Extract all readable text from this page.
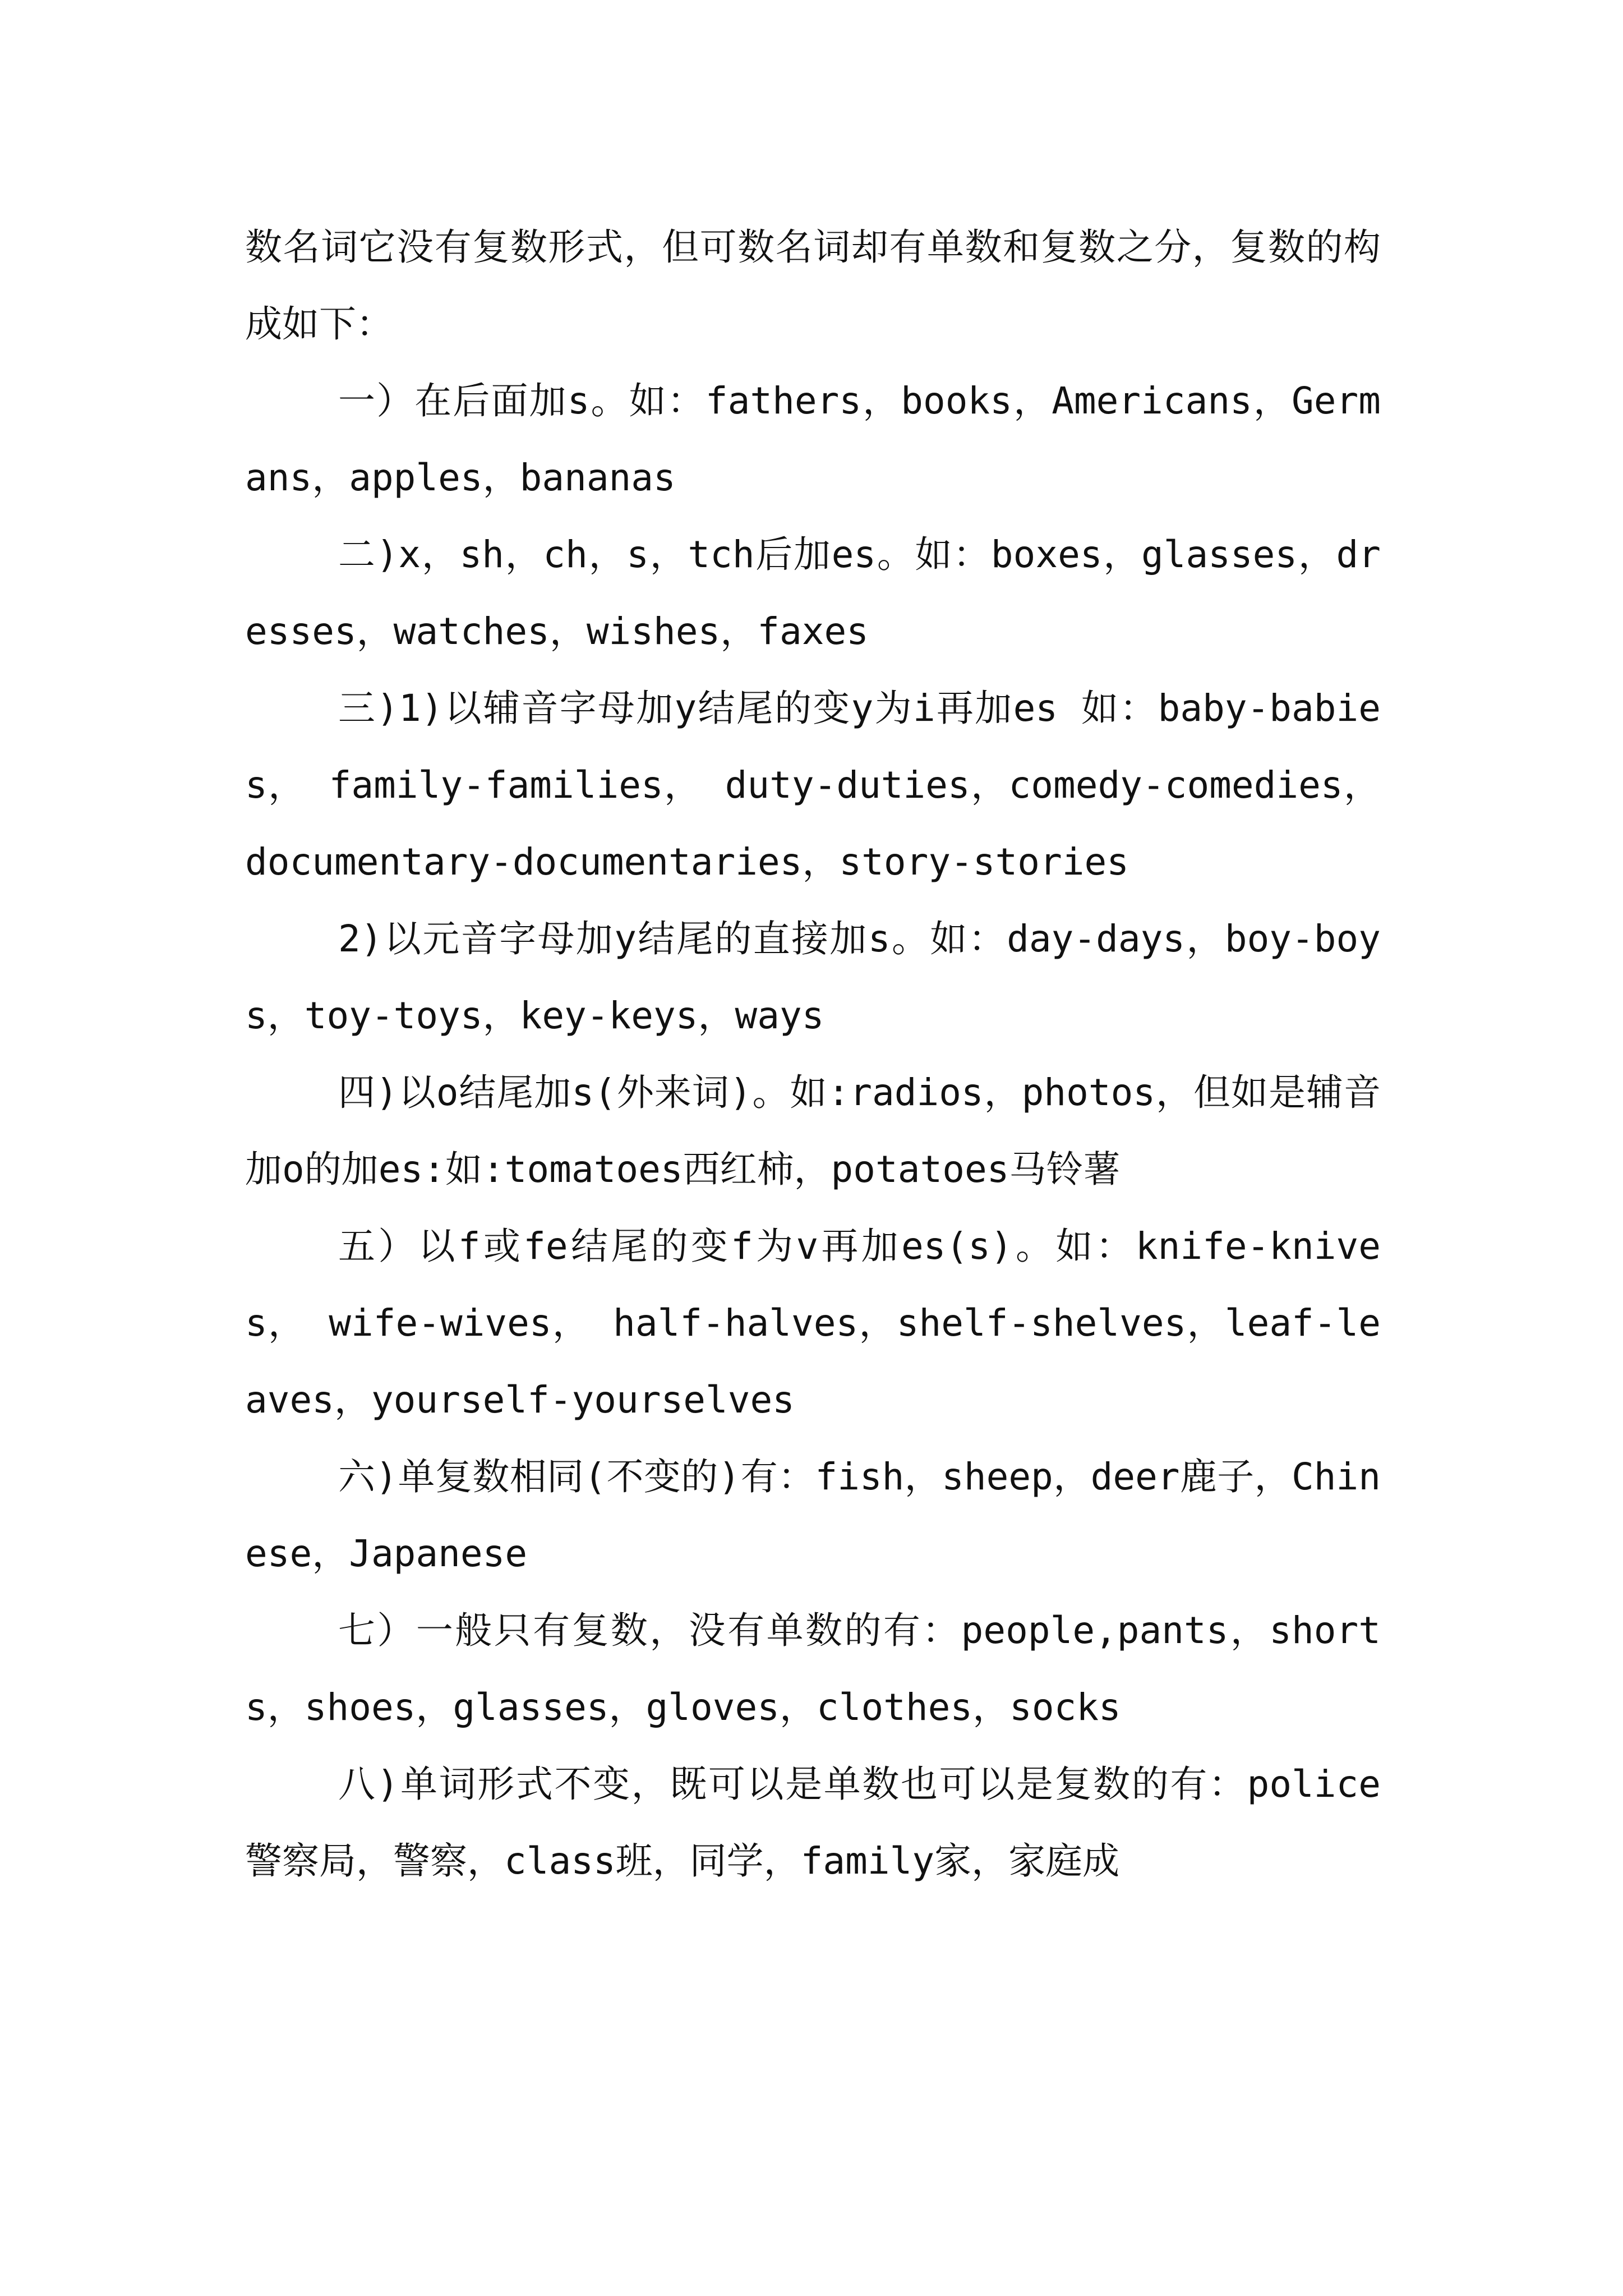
数名词它没有复数形式，但可数名词却有单数和复数之分，复数的构成如下：

一）在后面加s。如：fathers，books，Americans，Germans，apples，bananas

二)x，sh，ch，s，tch后加es。如：boxes，glasses，dresses，watches，wishes，faxes

三)1)以辅音字母加y结尾的变y为i再加es 如：baby-babies， family-families， duty-duties，comedy-comedies， documentary-documentaries，story-stories

2)以元音字母加y结尾的直接加s。如：day-days，boy-boys，toy-toys，key-keys，ways

四)以o结尾加s(外来词)。如:radios，photos，但如是辅音加o的加es:如:tomatoes西红柿，potatoes马铃薯

五）以f或fe结尾的变f为v再加es(s)。如：knife-knives， wife-wives， half-halves，shelf-shelves，leaf-leaves，yourself-yourselves

六)单复数相同(不变的)有：fish，sheep，deer鹿子，Chinese，Japanese

七）一般只有复数，没有单数的有：people,pants，shorts，shoes，glasses，gloves，clothes，socks

八)单词形式不变，既可以是单数也可以是复数的有：police警察局，警察，class班，同学，family家，家庭成
